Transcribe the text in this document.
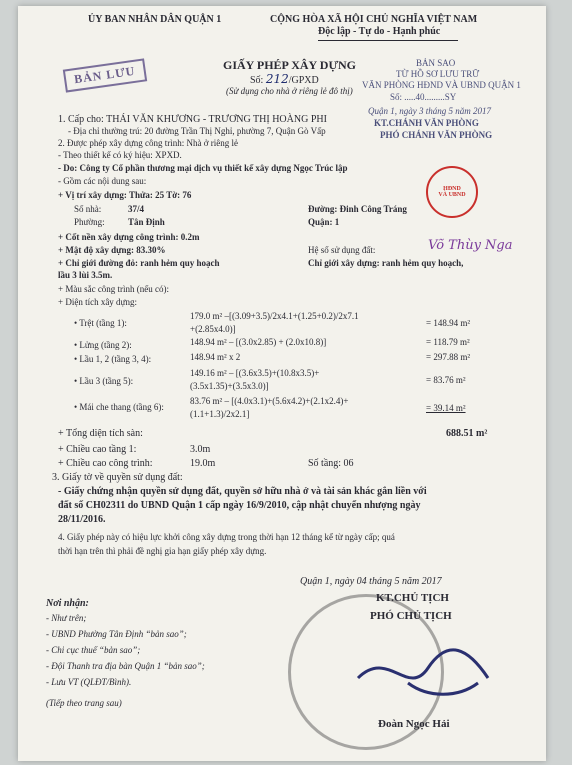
ỦY BAN NHÂN DÂN QUẬN 1	CỘNG HÒA XÃ HỘI CHỦ NGHĨA VIỆT NAM
Độc lập - Tự do - Hạnh phúc
BẢN LƯU	GIẤY PHÉP XÂY DỰNG
Số: 212/GPXD
(Sử dụng cho nhà ở riêng lẻ đô thị)
BẢN SAO
TỪ HỒ SƠ LƯU TRỮ
VĂN PHÒNG HĐND VÀ UBND QUẬN 1
Số: .....40.........SY
Quận 1, ngày 3 tháng 5 năm 2017
KT.CHÁNH VĂN PHÒNG
PHÓ CHÁNH VĂN PHÒNG
Võ Thùy Nga
HĐND
VÀ UBND
1. Cấp cho: THÁI VĂN KHƯƠNG - TRƯƠNG THỊ HOÀNG PHI
- Địa chỉ thường trú: 20 đường Trần Thị Nghỉ, phường 7, Quận Gò Vấp
2. Được phép xây dựng công trình: Nhà ở riêng lẻ
- Theo thiết kế có ký hiệu: XPXD.
- Do: Công ty Cổ phần thương mại dịch vụ thiết kế xây dựng Ngọc Trúc lập
- Gồm các nội dung sau:
+ Vị trí xây dựng: Thửa: 25 Tờ: 76
Số nhà:	37/4	Đường: Đinh Công Tráng
Phường:	Tân Định	Quận: 1
+ Cốt nền xây dựng công trình: 0.2m
+ Mật độ xây dựng: 83.30%	Hệ số sử dụng đất:
+ Chỉ giới đường đỏ: ranh hẻm quy hoạch	Chỉ giới xây dựng: ranh hẻm quy hoạch,
lầu 3 lùi 3.5m.
+ Màu sắc công trình (nếu có):
+ Diện tích xây dựng:
• Trệt (tầng 1):
179.0 m² –[(3.09+3.5)/2x4.1+(1.25+0.2)/2x7.1
+(2.85x4.0)]
= 148.94 m²
• Lửng (tầng 2):	148.94 m² – [(3.0x2.85) + (2.0x10.8)]	= 118.79 m²
• Lầu 1, 2 (tầng 3, 4):	148.94 m² x 2	= 297.88 m²
• Lầu 3 (tầng 5):
149.16 m² – [(3.6x3.5)+(10.8x3.5)+
(3.5x1.35)+(3.5x3.0)]
= 83.76 m²
• Mái che thang (tầng 6):
83.76 m² – [(4.0x3.1)+(5.6x4.2)+(2.1x2.4)+
(1.1+1.3)/2x2.1]
= 39.14 m²
+ Tổng diện tích sàn:	688.51 m²
+ Chiều cao tầng 1:	3.0m
+ Chiều cao công trình:	19.0m	Số tầng: 06
3. Giấy tờ về quyền sử dụng đất:
- Giấy chứng nhận quyền sử dụng đất, quyền sở hữu nhà ở và tài sản khác gắn liền với
đất số CH02311 do UBND Quận 1 cấp ngày 16/9/2010, cập nhật chuyển nhượng ngày
28/11/2016.
4. Giấy phép này có hiệu lực khởi công xây dựng trong thời hạn 12 tháng kể từ ngày cấp; quá
thời hạn trên thì phải đề nghị gia hạn giấy phép xây dựng.
Quận 1, ngày 04 tháng 5 năm 2017
KT.CHỦ TỊCH
PHÓ CHỦ TỊCH
Đoàn Ngọc Hải
Nơi nhận:
- Như trên;
- UBND Phường Tân Định “bản sao”;
- Chi cục thuế “bản sao”;
- Đội Thanh tra địa bàn Quận 1 “bản sao”;
- Lưu VT (QLĐT/Bình).
(Tiếp theo trang sau)
